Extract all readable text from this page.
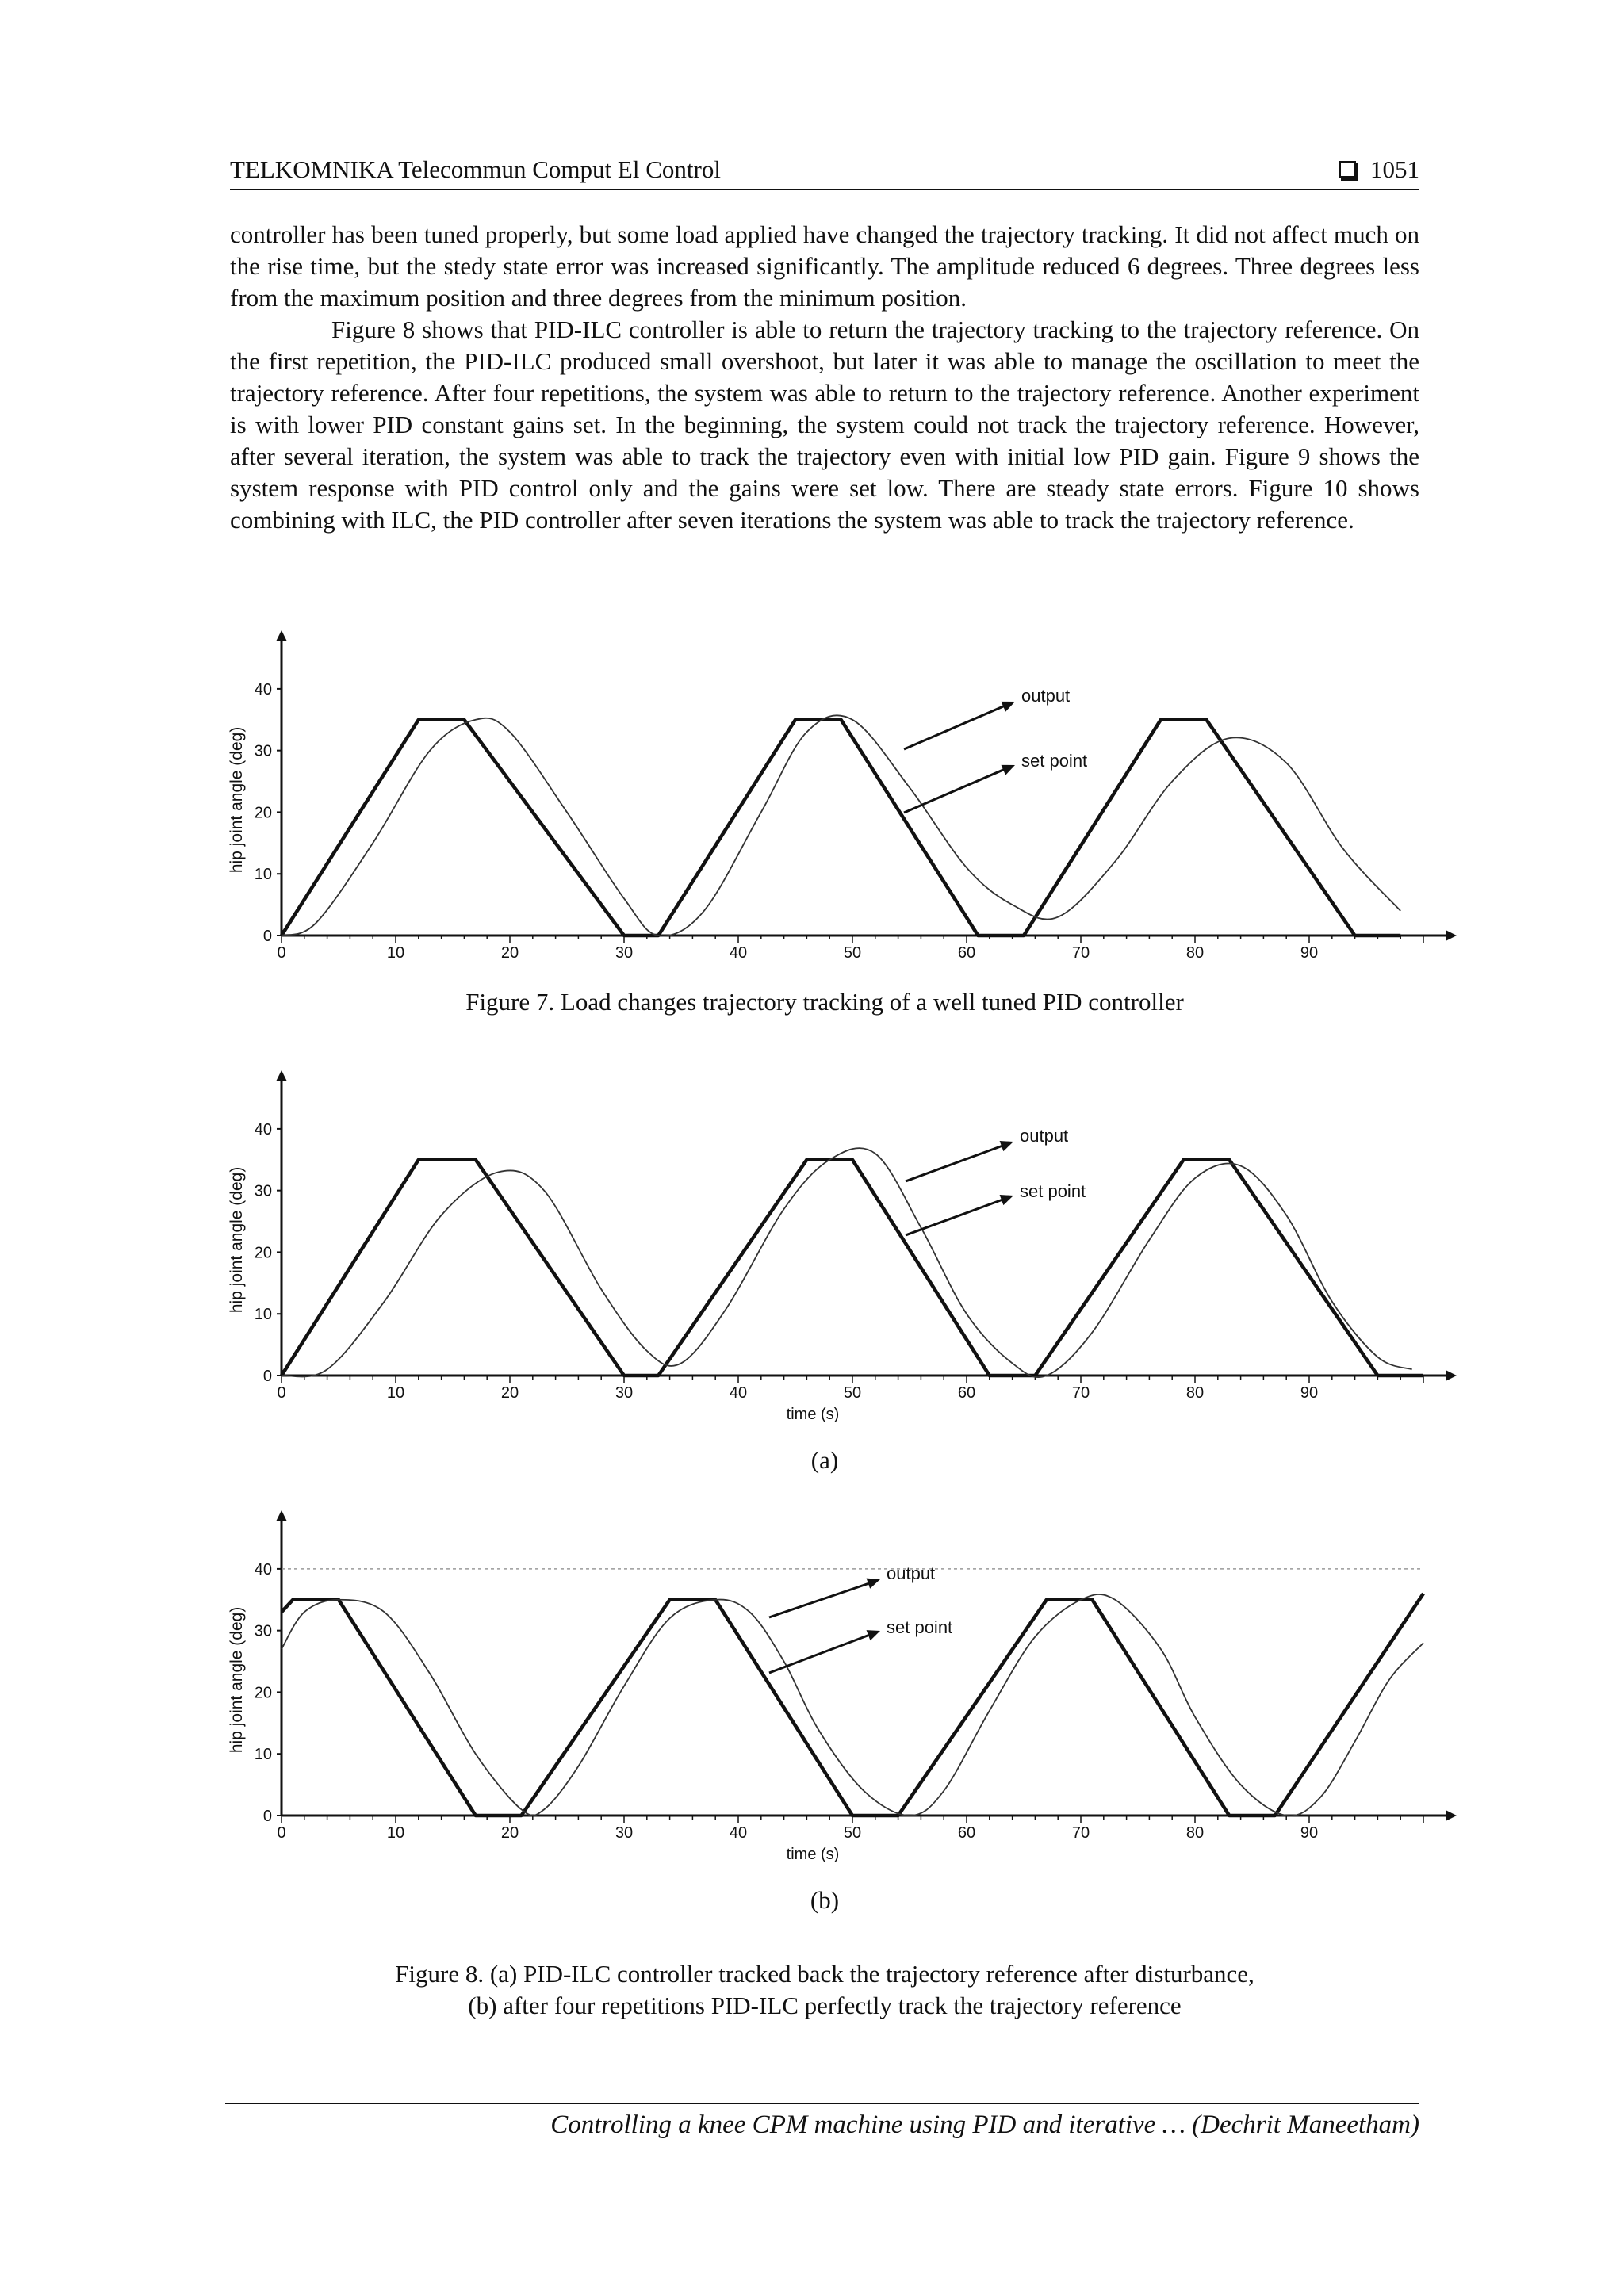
TELKOMNIKA Telecommun Comput El Control	1051

controller has been tuned properly, but some load applied have changed the trajectory tracking. It did not affect much on the rise time, but the stedy state error was increased significantly. The amplitude reduced 6 degrees. Three degrees less from the maximum position and three degrees from the minimum position.

Figure 8 shows that PID-ILC controller is able to return the trajectory tracking to the trajectory reference. On the first repetition, the PID-ILC produced small overshoot, but later it was able to manage the oscillation to meet the trajectory reference. After four repetitions, the system was able to return to the trajectory reference. Another experiment is with lower PID constant gains set. In the beginning, the system could not track the trajectory reference. However, after several iteration, the system was able to track the trajectory even with initial low PID gain. Figure 9 shows the system response with PID control only and the gains were set low. There are steady state errors. Figure 10 shows combining with ILC, the PID controller after seven iterations the system was able to track the trajectory reference.

0
10
20
30
40
0	10	20	30	40	50	60	70	80	90
hip joint angle (deg)
output
set point
Figure 7. Load changes trajectory tracking of a well tuned PID controller
0
10
20
30
40
0	10	20	30	40	50	60	70	80	90
hip joint angle (deg)
time (s)
output
set point
(a)
0
10
20
30
40
0	10	20	30	40	50	60	70	80	90
hip joint angle (deg)
time (s)
output
set point
(b)
Figure 8. (a) PID-ILC controller tracked back the trajectory reference after disturbance,
(b) after four repetitions PID-ILC perfectly track the trajectory reference
Controlling a knee CPM machine using PID and iterative … (Dechrit Maneetham)
